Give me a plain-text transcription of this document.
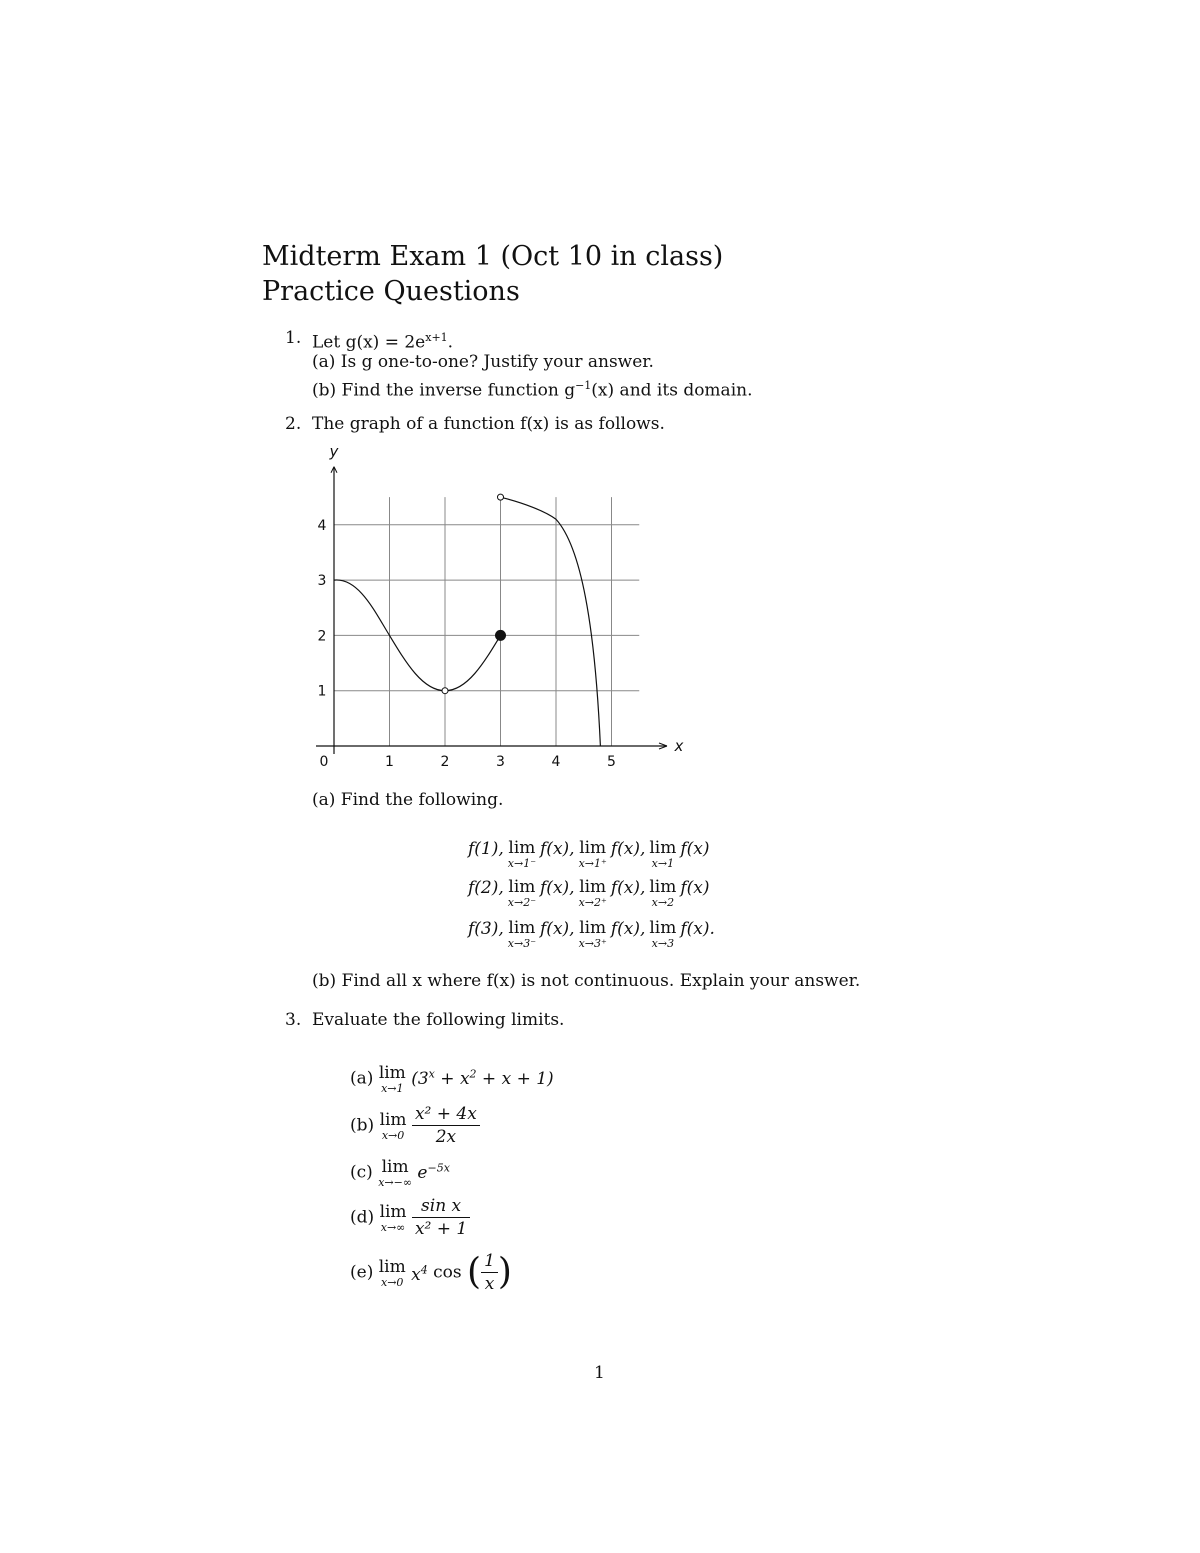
Midterm Exam 1 (Oct 10 in class)
Practice Questions
1. Let $g(x) = 2e^{x+1}$.
(a) Is g one-to-one? Justify your answer.
(b) Find the inverse function $g^{-1}(x)$ and its domain.
2. The graph of a function f(x) is as follows.
0	1	2	3	4	5
1
2
3
4
x
y
(a) Find the following.
f(1), lim
x→1⁻
f(x), lim
x→1⁺
f(x), lim
x→1
f(x)
f(2), lim
x→2⁻
f(x), lim
x→2⁺
f(x), lim
x→2
f(x)
f(3), lim
x→3⁻
f(x), lim
x→3⁺
f(x), lim
x→3
f(x).
(b) Find all x where f(x) is not continuous. Explain your answer.
3. Evaluate the following limits.
(a) lim
x→1 $(3^x + x^2 + x + 1)$
(b) lim
x→0
$\frac{\text{x² + 4x}}{2x}$
(c) lim
x→−∞ $e^{-5x}$
(d) lim
x→∞
$\frac{\text{sin x}}{\text{x² + 1}}$
(e) lim
x→0 $x^4$ cos ( $\frac{1}{x}$ )
1
